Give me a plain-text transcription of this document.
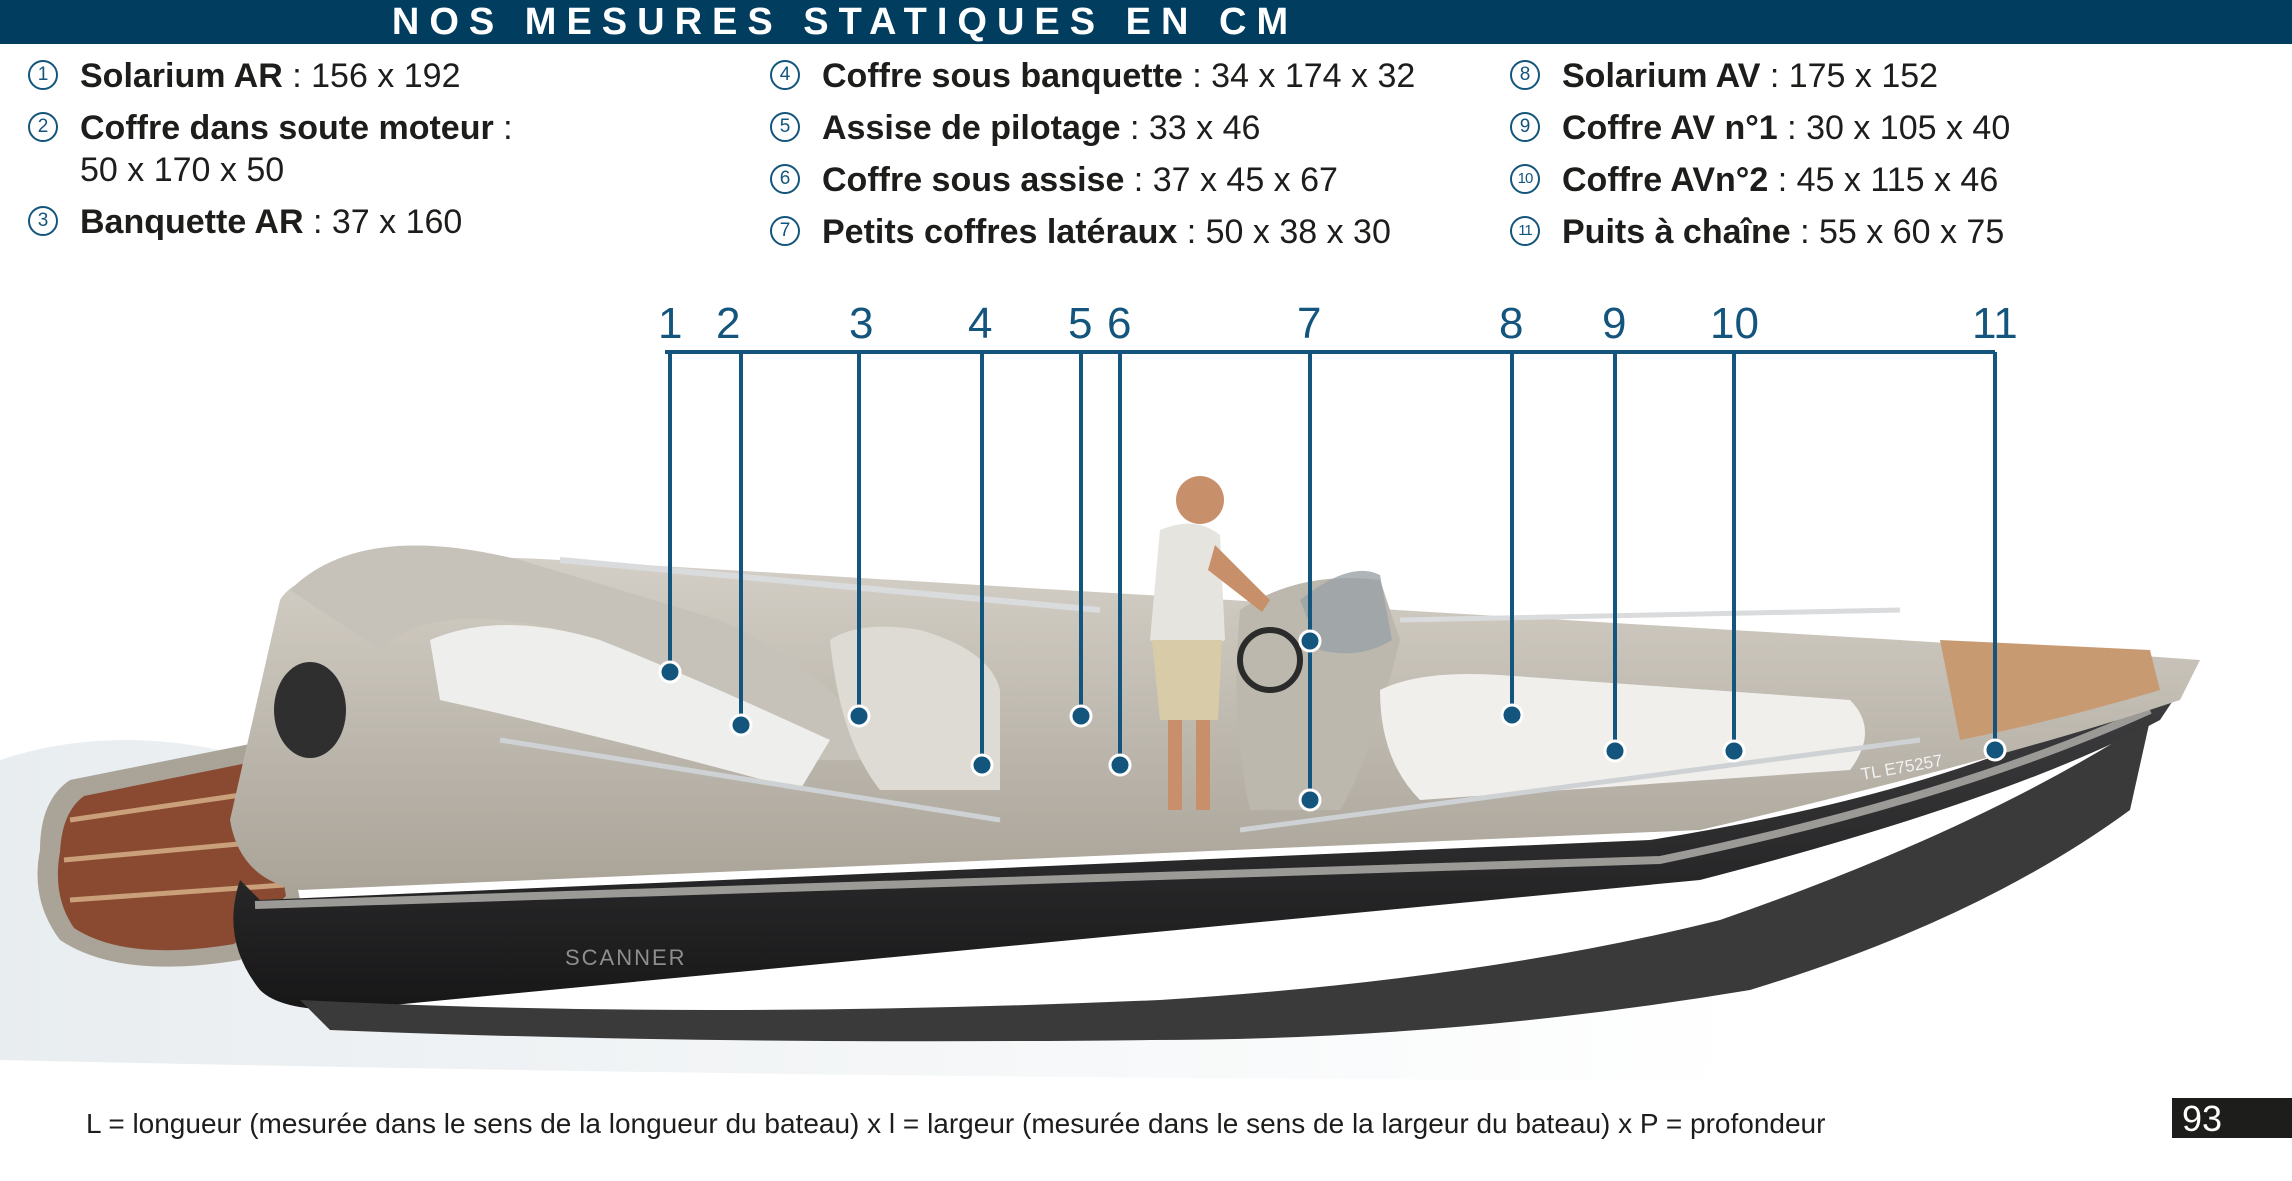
NOS MESURES STATIQUES EN CM
1 Solarium AR : 156 x 192
2 Coffre dans soute moteur :
50 x 170 x 50
3 Banquette AR : 37 x 160
4 Coffre sous banquette : 34 x 174 x 32
5 Assise de pilotage : 33 x 46
6 Coffre sous assise : 37 x 45 x 67
7 Petits coffres latéraux : 50 x 38 x 30
8 Solarium AV : 175 x 152
9 Coffre AV n°1 : 30 x 105 x 40
10 Coffre AVn°2 : 45 x 115 x 46
11 Puits à chaîne : 55 x 60 x 75
SCANNER
TL E75257
1 2 3 4 5 6	7	8 9 10	11
L = longueur (mesurée dans le sens de la longueur du bateau) x l = largeur (mesurée dans le sens de la largeur du bateau) x P = profondeur	93
